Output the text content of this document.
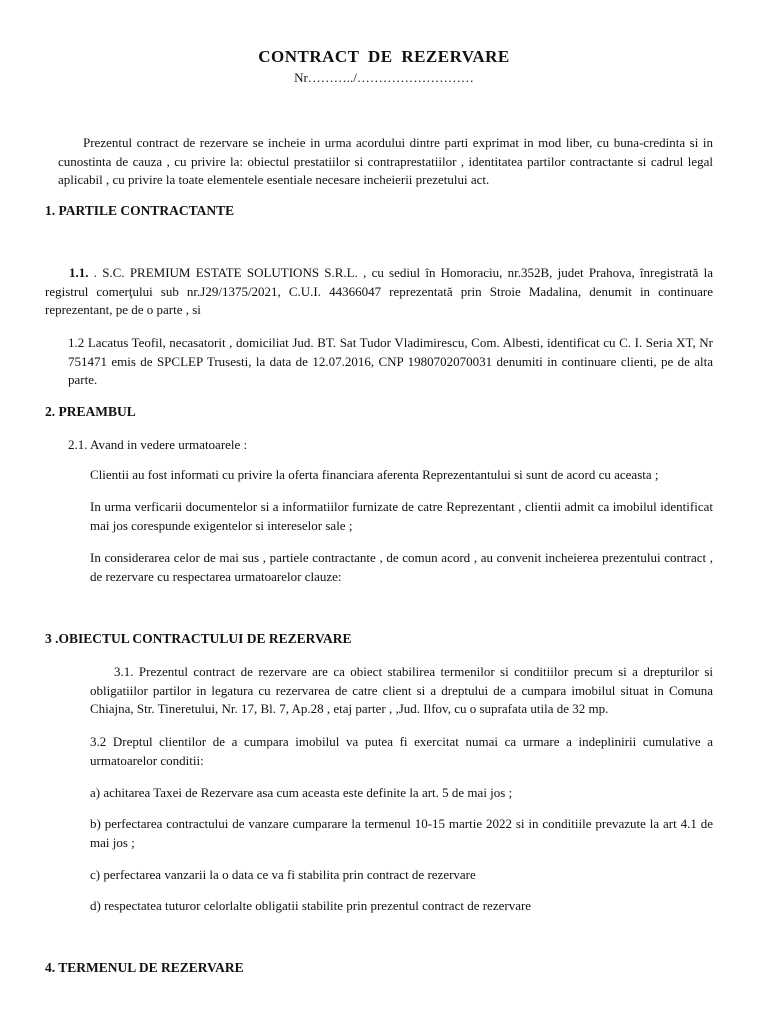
CONTRACT DE REZERVARE
Nr………../………………………

Prezentul contract de rezervare se incheie in urma acordului dintre parti exprimat in mod liber, cu buna-credinta si in cunostinta de cauza , cu privire la: obiectul prestatiilor si contraprestatiilor , identitatea partilor contractante si cadrul legal aplicabil , cu privire la toate elementele esentiale necesare incheierii prezetului act.

1. PARTILE CONTRACTANTE

1.1. . S.C. PREMIUM ESTATE SOLUTIONS S.R.L. , cu sediul în Homoraciu, nr.352B, judet Prahova, înregistrată la registrul comerţului sub nr.J29/1375/2021, C.U.I. 44366047 reprezentată prin Stroie Madalina, denumit in continuare reprezentant, pe de o parte , si

1.2 Lacatus Teofil, necasatorit , domiciliat Jud. BT. Sat Tudor Vladimirescu, Com. Albesti, identificat cu C. I. Seria XT, Nr 751471 emis de SPCLEP Trusesti, la data de 12.07.2016, CNP 1980702070031 denumiti in continuare clienti, pe de alta parte.

2. PREAMBUL

2.1. Avand in vedere urmatoarele :

Clientii au fost informati cu privire la oferta financiara aferenta Reprezentantului si sunt de acord cu aceasta ;

In urma verficarii documentelor si a informatiilor furnizate de catre Reprezentant , clientii admit ca imobilul identificat mai jos corespunde exigentelor si intereselor sale ;

In considerarea celor de mai sus , partiele contractante , de comun acord , au convenit incheierea prezentului contract , de rezervare cu respectarea urmatoarelor clauze:

3 .OBIECTUL CONTRACTULUI DE REZERVARE

3.1. Prezentul contract de rezervare are ca obiect stabilirea termenilor si conditiilor precum si a drepturilor si obligatiilor partilor in legatura cu rezervarea de catre client si a dreptului de a cumpara imobilul situat in Comuna Chiajna, Str. Tineretului, Nr. 17, Bl. 7, Ap.28 , etaj parter , ,Jud. Ilfov, cu o suprafata utila de 32 mp.

3.2 Dreptul clientilor de a cumpara imobilul va putea fi exercitat numai ca urmare a indeplinirii cumulative a urmatoarelor conditii:

a) achitarea Taxei de Rezervare asa cum aceasta este definite la art. 5 de mai jos ;

b) perfectarea contractului de vanzare cumparare la termenul 10-15 martie 2022 si in conditiile prevazute la art 4.1 de mai jos ;

c) perfectarea vanzarii la o data ce va fi stabilita prin contract de rezervare

d) respectatea tuturor celorlalte obligatii stabilite prin prezentul contract de rezervare

4. TERMENUL DE REZERVARE
